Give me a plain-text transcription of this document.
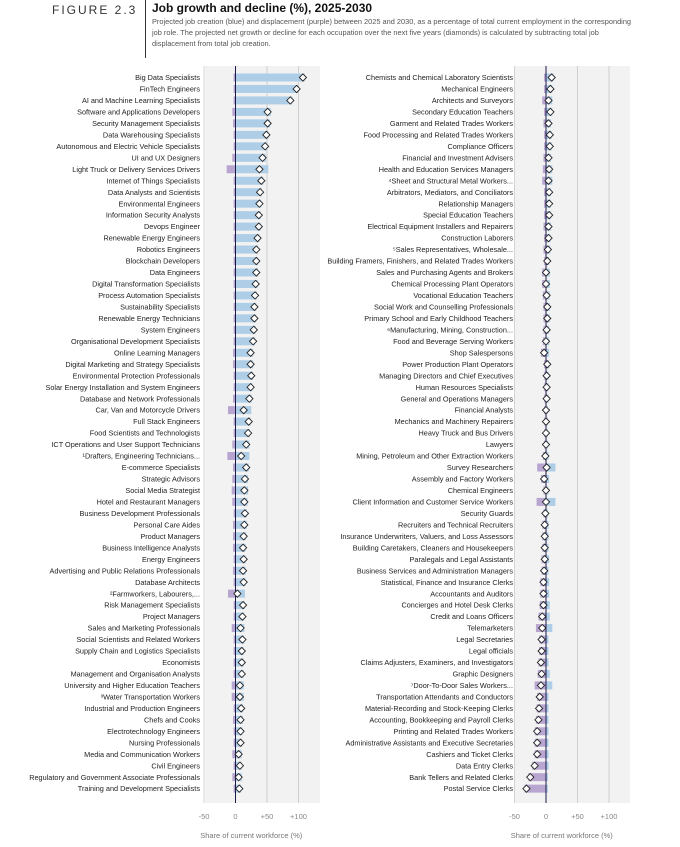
FIGURE 2.3 Job growth and decline (%), 2025-2030
Projected job creation (blue) and displacement (purple) between 2025 and 2030, as a percentage of total current employment in the corresponding job role. The projected net growth or decline for each occupation over the next five years (diamonds) is calculated by subtracting total job displacement from total job creation.
Big Data Specialists
FinTech Engineers
AI and Machine Learning Specialists
Software and Applications Developers
Security Management Specialists
Data Warehousing Specialists
Autonomous and Electric Vehicle Specialists
UI and UX Designers
Light Truck or Delivery Services Drivers
Internet of Things Specialists
Data Analysts and Scientists
Environmental Engineers
Information Security Analysts
Devops Engineer
Renewable Energy Engineers
Robotics Engineers
Blockchain Developers
Data Engineers
Digital Transformation Specialists
Process Automation Specialists
Sustainability Specialists
Renewable Energy Technicians
System Engineers
Organisational Development Specialists
Online Learning Managers
Digital Marketing and Strategy Specialists
Environmental Protection Professionals
Solar Energy Installation and System Engineers
Database and Network Professionals
Car, Van and Motorcycle Drivers
Full Stack Engineers
Food Scientists and Technologists
ICT Operations and User Support Technicians
¹Drafters, Engineering Technicians...
E-commerce Specialists
Strategic Advisors
Social Media Strategist
Hotel and Restaurant Managers
Business Development Professionals
Personal Care Aides
Product Managers
Business Intelligence Analysts
Energy Engineers
Advertising and Public Relations Professionals
Database Architects
²Farmworkers, Labourers,...
Risk Management Specialists
Project Managers
Sales and Marketing Professionals
Social Scientists and Related Workers
Supply Chain and Logistics Specialists
Economists
Management and Organisation Analysts
University and Higher Education Teachers
³Water Transportation Workers
Industrial and Production Engineers
Chefs and Cooks
Electrotechnology Engineers
Nursing Professionals
Media and Communication Workers
Civil Engineers
Regulatory and Government Associate Professionals
Training and Development Specialists
-50	0	+50 +100
Share of current workforce (%)
Chemists and Chemical Laboratory Scientists
Mechanical Engineers
Architects and Surveyors
Secondary Education Teachers
Garment and Related Trades Workers
Food Processing and Related Trades Workers
Compliance Officers
Financial and Investment Advisers
Health and Education Services Managers
⁴Sheet and Structural Metal Workers...
Arbitrators, Mediators, and Conciliators
Relationship Managers
Special Education Teachers
Electrical Equipment Installers and Repairers
Construction Laborers
⁵Sales Representatives, Wholesale...
Building Framers, Finishers, and Related Trades Workers
Sales and Purchasing Agents and Brokers
Chemical Processing Plant Operators
Vocational Education Teachers
Social Work and Counselling Professionals
Primary School and Early Childhood Teachers
⁶Manufacturing, Mining, Construction...
Food and Beverage Serving Workers
Shop Salespersons
Power Production Plant Operators
Managing Directors and Chief Executives
Human Resources Specialists
General and Operations Managers
Financial Analysts
Mechanics and Machinery Repairers
Heavy Truck and Bus Drivers
Lawyers
Mining, Petroleum and Other Extraction Workers
Survey Researchers
Assembly and Factory Workers
Chemical Engineers
Client Information and Customer Service Workers
Security Guards
Recruiters and Technical Recruiters
Insurance Underwriters, Valuers, and Loss Assessors
Building Caretakers, Cleaners and Housekeepers
Paralegals and Legal Assistants
Business Services and Administration Managers
Statistical, Finance and Insurance Clerks
Accountants and Auditors
Concierges and Hotel Desk Clerks
Credit and Loans Officers
Telemarketers
Legal Secretaries
Legal officials
Claims Adjusters, Examiners, and Investigators
Graphic Designers
⁷Door-To-Door Sales Workers...
Transportation Attendants and Conductors
Material-Recording and Stock-Keeping Clerks
Accounting, Bookkeeping and Payroll Clerks
Printing and Related Trades Workers
Administrative Assistants and Executive Secretaries
Cashiers and Ticket Clerks
Data Entry Clerks
Bank Tellers and Related Clerks
Postal Service Clerks
-50	0	+50 +100
Share of current workforce (%)
